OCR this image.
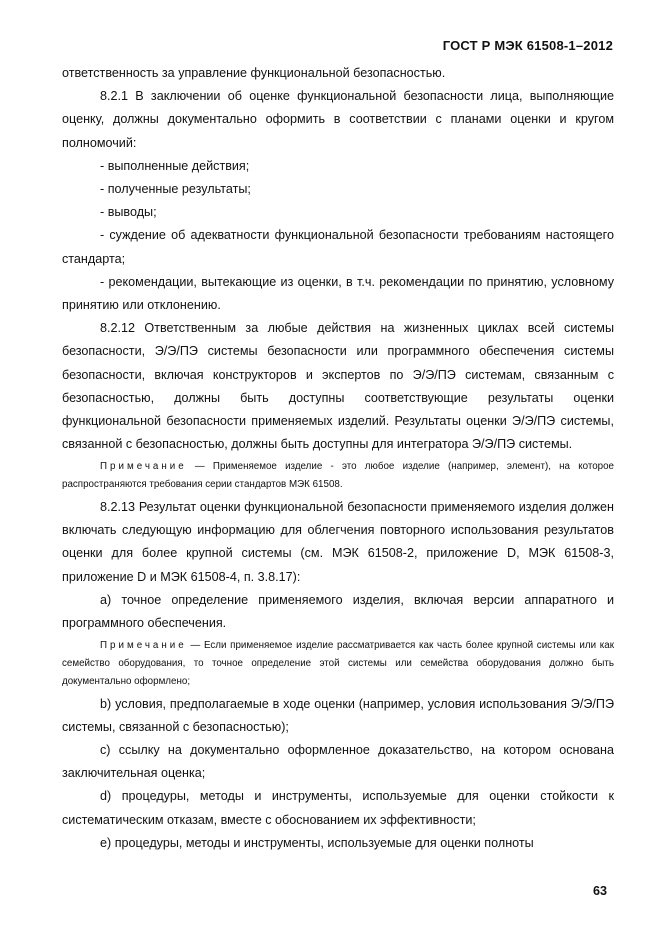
ГОСТ Р МЭК 61508-1–2012

ответственность за управление функциональной безопасностью.

8.2.1 В заключении об оценке функциональной безопасности лица, выполняющие оценку, должны документально оформить в соответствии с планами оценки и кругом полномочий:

- выполненные действия;

- полученные результаты;

- выводы;

- суждение об адекватности функциональной безопасности требованиям настоящего стандарта;

- рекомендации, вытекающие из оценки, в т.ч. рекомендации по принятию, условному принятию или отклонению.

8.2.12 Ответственным за любые действия на жизненных циклах всей системы безопасности, Э/Э/ПЭ системы безопасности или программного обеспечения системы безопасности, включая конструкторов и экспертов по Э/Э/ПЭ системам, связанным с безопасностью, должны быть доступны соответствующие результаты оценки функциональной безопасности применяемых изделий. Результаты оценки Э/Э/ПЭ системы, связанной с безопасностью, должны быть доступны для интегратора Э/Э/ПЭ системы.

Примечание — Применяемое изделие - это любое изделие (например, элемент), на которое распространяются требования серии стандартов МЭК 61508.

8.2.13 Результат оценки функциональной безопасности применяемого изделия должен включать следующую информацию для облегчения повторного использования результатов оценки для более крупной системы (см. МЭК 61508-2, приложение D, МЭК 61508-3, приложение D и МЭК 61508-4, п. 3.8.17):

a) точное определение применяемого изделия, включая версии аппаратного и программного обеспечения.

Примечание — Если применяемое изделие рассматривается как часть более крупной системы или как семейство оборудования, то точное определение этой системы или семейства оборудования должно быть документально оформлено;

b) условия, предполагаемые в ходе оценки (например, условия использования Э/Э/ПЭ системы, связанной с безопасностью);

c) ссылку на документально оформленное доказательство, на котором основана заключительная оценка;

d) процедуры, методы и инструменты, используемые для оценки стойкости к систематическим отказам, вместе с обоснованием их эффективности;

e) процедуры, методы и инструменты, используемые для оценки полноты

63
